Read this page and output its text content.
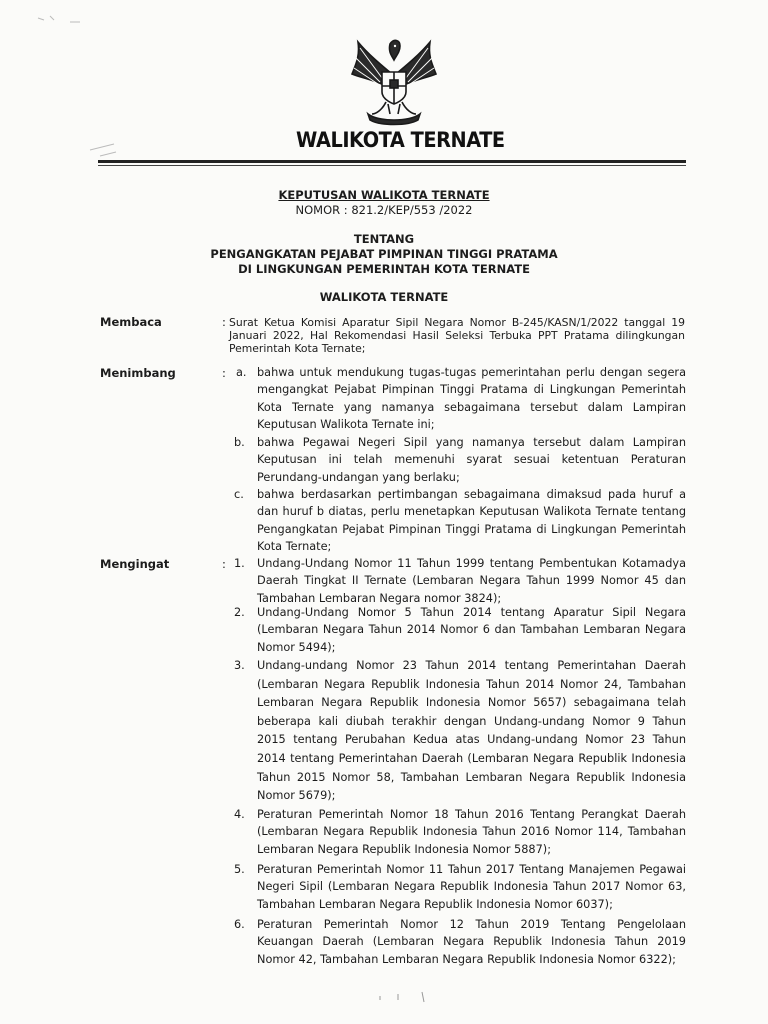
WALIKOTA TERNATE
KEPUTUSAN WALIKOTA TERNATE
NOMOR : 821.2/KEP/553 /2022
TENTANG
PENGANGKATAN PEJABAT PIMPINAN TINGGI PRATAMA
DI LINGKUNGAN PEMERINTAH KOTA TERNATE
WALIKOTA TERNATE
Membaca	: Surat Ketua Komisi Aparatur Sipil Negara Nomor B-245/KASN/1/2022 tanggal 19 Januari 2022, Hal Rekomendasi Hasil Seleksi Terbuka PPT Pratama dilingkungan Pemerintah Kota Ternate;
Menimbang	: a. bahwa untuk mendukung tugas-tugas pemerintahan perlu dengan segera mengangkat Pejabat Pimpinan Tinggi Pratama di Lingkungan Pemerintah Kota Ternate yang namanya sebagaimana tersebut dalam Lampiran Keputusan Walikota Ternate ini;
b. bahwa Pegawai Negeri Sipil yang namanya tersebut dalam Lampiran Keputusan ini telah memenuhi syarat sesuai ketentuan Peraturan Perundang-undangan yang berlaku;
c. bahwa berdasarkan pertimbangan sebagaimana dimaksud pada huruf a dan huruf b diatas, perlu menetapkan Keputusan Walikota Ternate tentang Pengangkatan Pejabat Pimpinan Tinggi Pratama di Lingkungan Pemerintah Kota Ternate;
Mengingat	: 1. Undang-Undang Nomor 11 Tahun 1999 tentang Pembentukan Kotamadya Daerah Tingkat II Ternate (Lembaran Negara Tahun 1999 Nomor 45 dan Tambahan Lembaran Negara nomor 3824);
2. Undang-Undang Nomor 5 Tahun 2014 tentang Aparatur Sipil Negara (Lembaran Negara Tahun 2014 Nomor 6 dan Tambahan Lembaran Negara Nomor 5494);
3. Undang-undang Nomor 23 Tahun 2014 tentang Pemerintahan Daerah (Lembaran Negara Republik Indonesia Tahun 2014 Nomor 24, Tambahan Lembaran Negara Republik Indonesia Nomor 5657) sebagaimana telah beberapa kali diubah terakhir dengan Undang-undang Nomor 9 Tahun 2015 tentang Perubahan Kedua atas Undang-undang Nomor 23 Tahun 2014 tentang Pemerintahan Daerah (Lembaran Negara Republik Indonesia Tahun 2015 Nomor 58, Tambahan Lembaran Negara Republik Indonesia Nomor 5679);
4. Peraturan Pemerintah Nomor 18 Tahun 2016 Tentang Perangkat Daerah (Lembaran Negara Republik Indonesia Tahun 2016 Nomor 114, Tambahan Lembaran Negara Republik Indonesia Nomor 5887);
5. Peraturan Pemerintah Nomor 11 Tahun 2017 Tentang Manajemen Pegawai Negeri Sipil (Lembaran Negara Republik Indonesia Tahun 2017 Nomor 63, Tambahan Lembaran Negara Republik Indonesia Nomor 6037);
6. Peraturan Pemerintah Nomor 12 Tahun 2019 Tentang Pengelolaan Keuangan Daerah (Lembaran Negara Republik Indonesia Tahun 2019 Nomor 42, Tambahan Lembaran Negara Republik Indonesia Nomor 6322);
